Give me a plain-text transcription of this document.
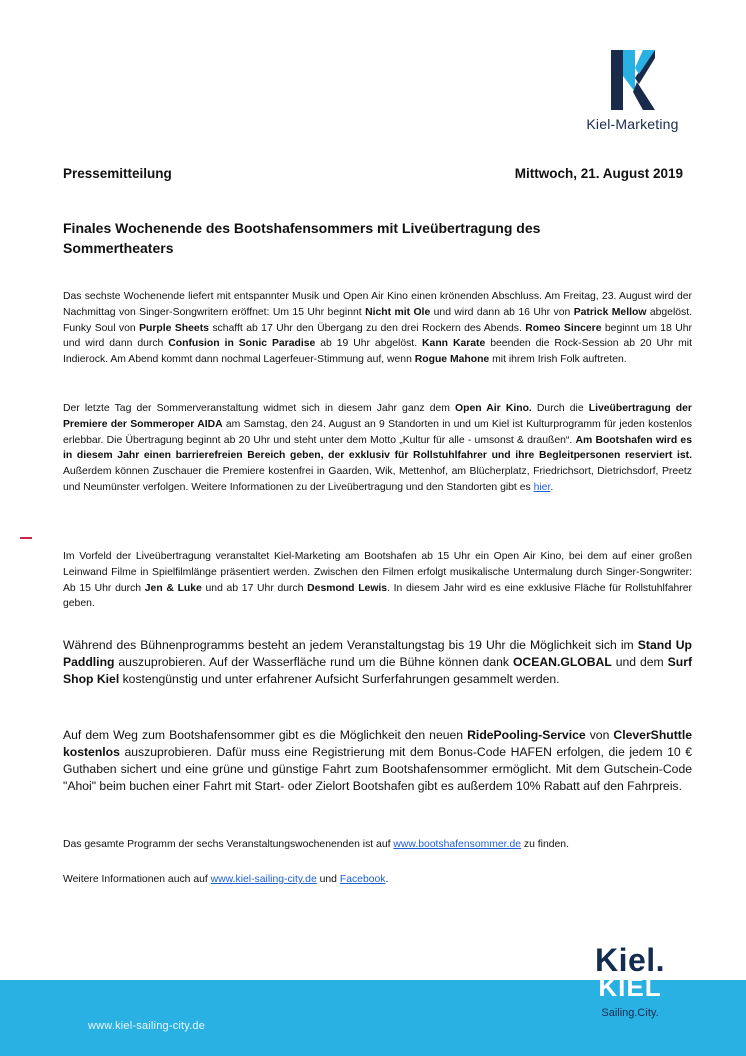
Kiel-Marketing
Pressemitteilung	Mittwoch, 21. August 2019
Finales Wochenende des Bootshafensommers mit Liveübertragung des Sommertheaters
Das sechste Wochenende liefert mit entspannter Musik und Open Air Kino einen krönenden Abschluss. Am Freitag, 23. August wird der Nachmittag von Singer-Songwritern eröffnet: Um 15 Uhr beginnt Nicht mit Ole und wird dann ab 16 Uhr von Patrick Mellow abgelöst. Funky Soul von Purple Sheets schafft ab 17 Uhr den Übergang zu den drei Rockern des Abends. Romeo Sincere beginnt um 18 Uhr und wird dann durch Confusion in Sonic Paradise ab 19 Uhr abgelöst. Kann Karate beenden die Rock-Session ab 20 Uhr mit Indierock. Am Abend kommt dann nochmal Lagerfeuer-Stimmung auf, wenn Rogue Mahone mit ihrem Irish Folk auftreten.
Der letzte Tag der Sommerveranstaltung widmet sich in diesem Jahr ganz dem Open Air Kino. Durch die Liveübertragung der Premiere der Sommeroper AIDA am Samstag, den 24. August an 9 Standorten in und um Kiel ist Kulturprogramm für jeden kostenlos erlebbar. Die Übertragung beginnt ab 20 Uhr und steht unter dem Motto „Kultur für alle - umsonst & draußen“. Am Bootshafen wird es in diesem Jahr einen barrierefreien Bereich geben, der exklusiv für Rollstuhlfahrer und ihre Begleitpersonen reserviert ist. Außerdem können Zuschauer die Premiere kostenfrei in Gaarden, Wik, Mettenhof, am Blücherplatz, Friedrichsort, Dietrichsdorf, Preetz und Neumünster verfolgen. Weitere Informationen zu der Liveübertragung und den Standorten gibt es hier.
Im Vorfeld der Liveübertragung veranstaltet Kiel-Marketing am Bootshafen ab 15 Uhr ein Open Air Kino, bei dem auf einer großen Leinwand Filme in Spielfilmlänge präsentiert werden. Zwischen den Filmen erfolgt musikalische Untermalung durch Singer-Songwriter: Ab 15 Uhr durch Jen & Luke und ab 17 Uhr durch Desmond Lewis. In diesem Jahr wird es eine exklusive Fläche für Rollstuhlfahrer geben.
Während des Bühnenprogramms besteht an jedem Veranstaltungstag bis 19 Uhr die Möglichkeit sich im Stand Up Paddling auszuprobieren. Auf der Wasserfläche rund um die Bühne können dank OCEAN.GLOBAL und dem Surf Shop Kiel kostengünstig und unter erfahrener Aufsicht Surferfahrungen gesammelt werden.
Auf dem Weg zum Bootshafensommer gibt es die Möglichkeit den neuen RidePooling-Service von CleverShuttle kostenlos auszuprobieren. Dafür muss eine Registrierung mit dem Bonus-Code HAFEN erfolgen, die jedem 10 € Guthaben sichert und eine grüne und günstige Fahrt zum Bootshafensommer ermöglicht. Mit dem Gutschein-Code "Ahoi" beim buchen einer Fahrt mit Start- oder Zielort Bootshafen gibt es außerdem 10% Rabatt auf den Fahrpreis.
Das gesamte Programm der sechs Veranstaltungswochenenden ist auf www.bootshafensommer.de zu finden.
Weitere Informationen auch auf www.kiel-sailing-city.de und Facebook.
www.kiel-sailing-city.de
Kiel.
KIEL
Sailing.City.
